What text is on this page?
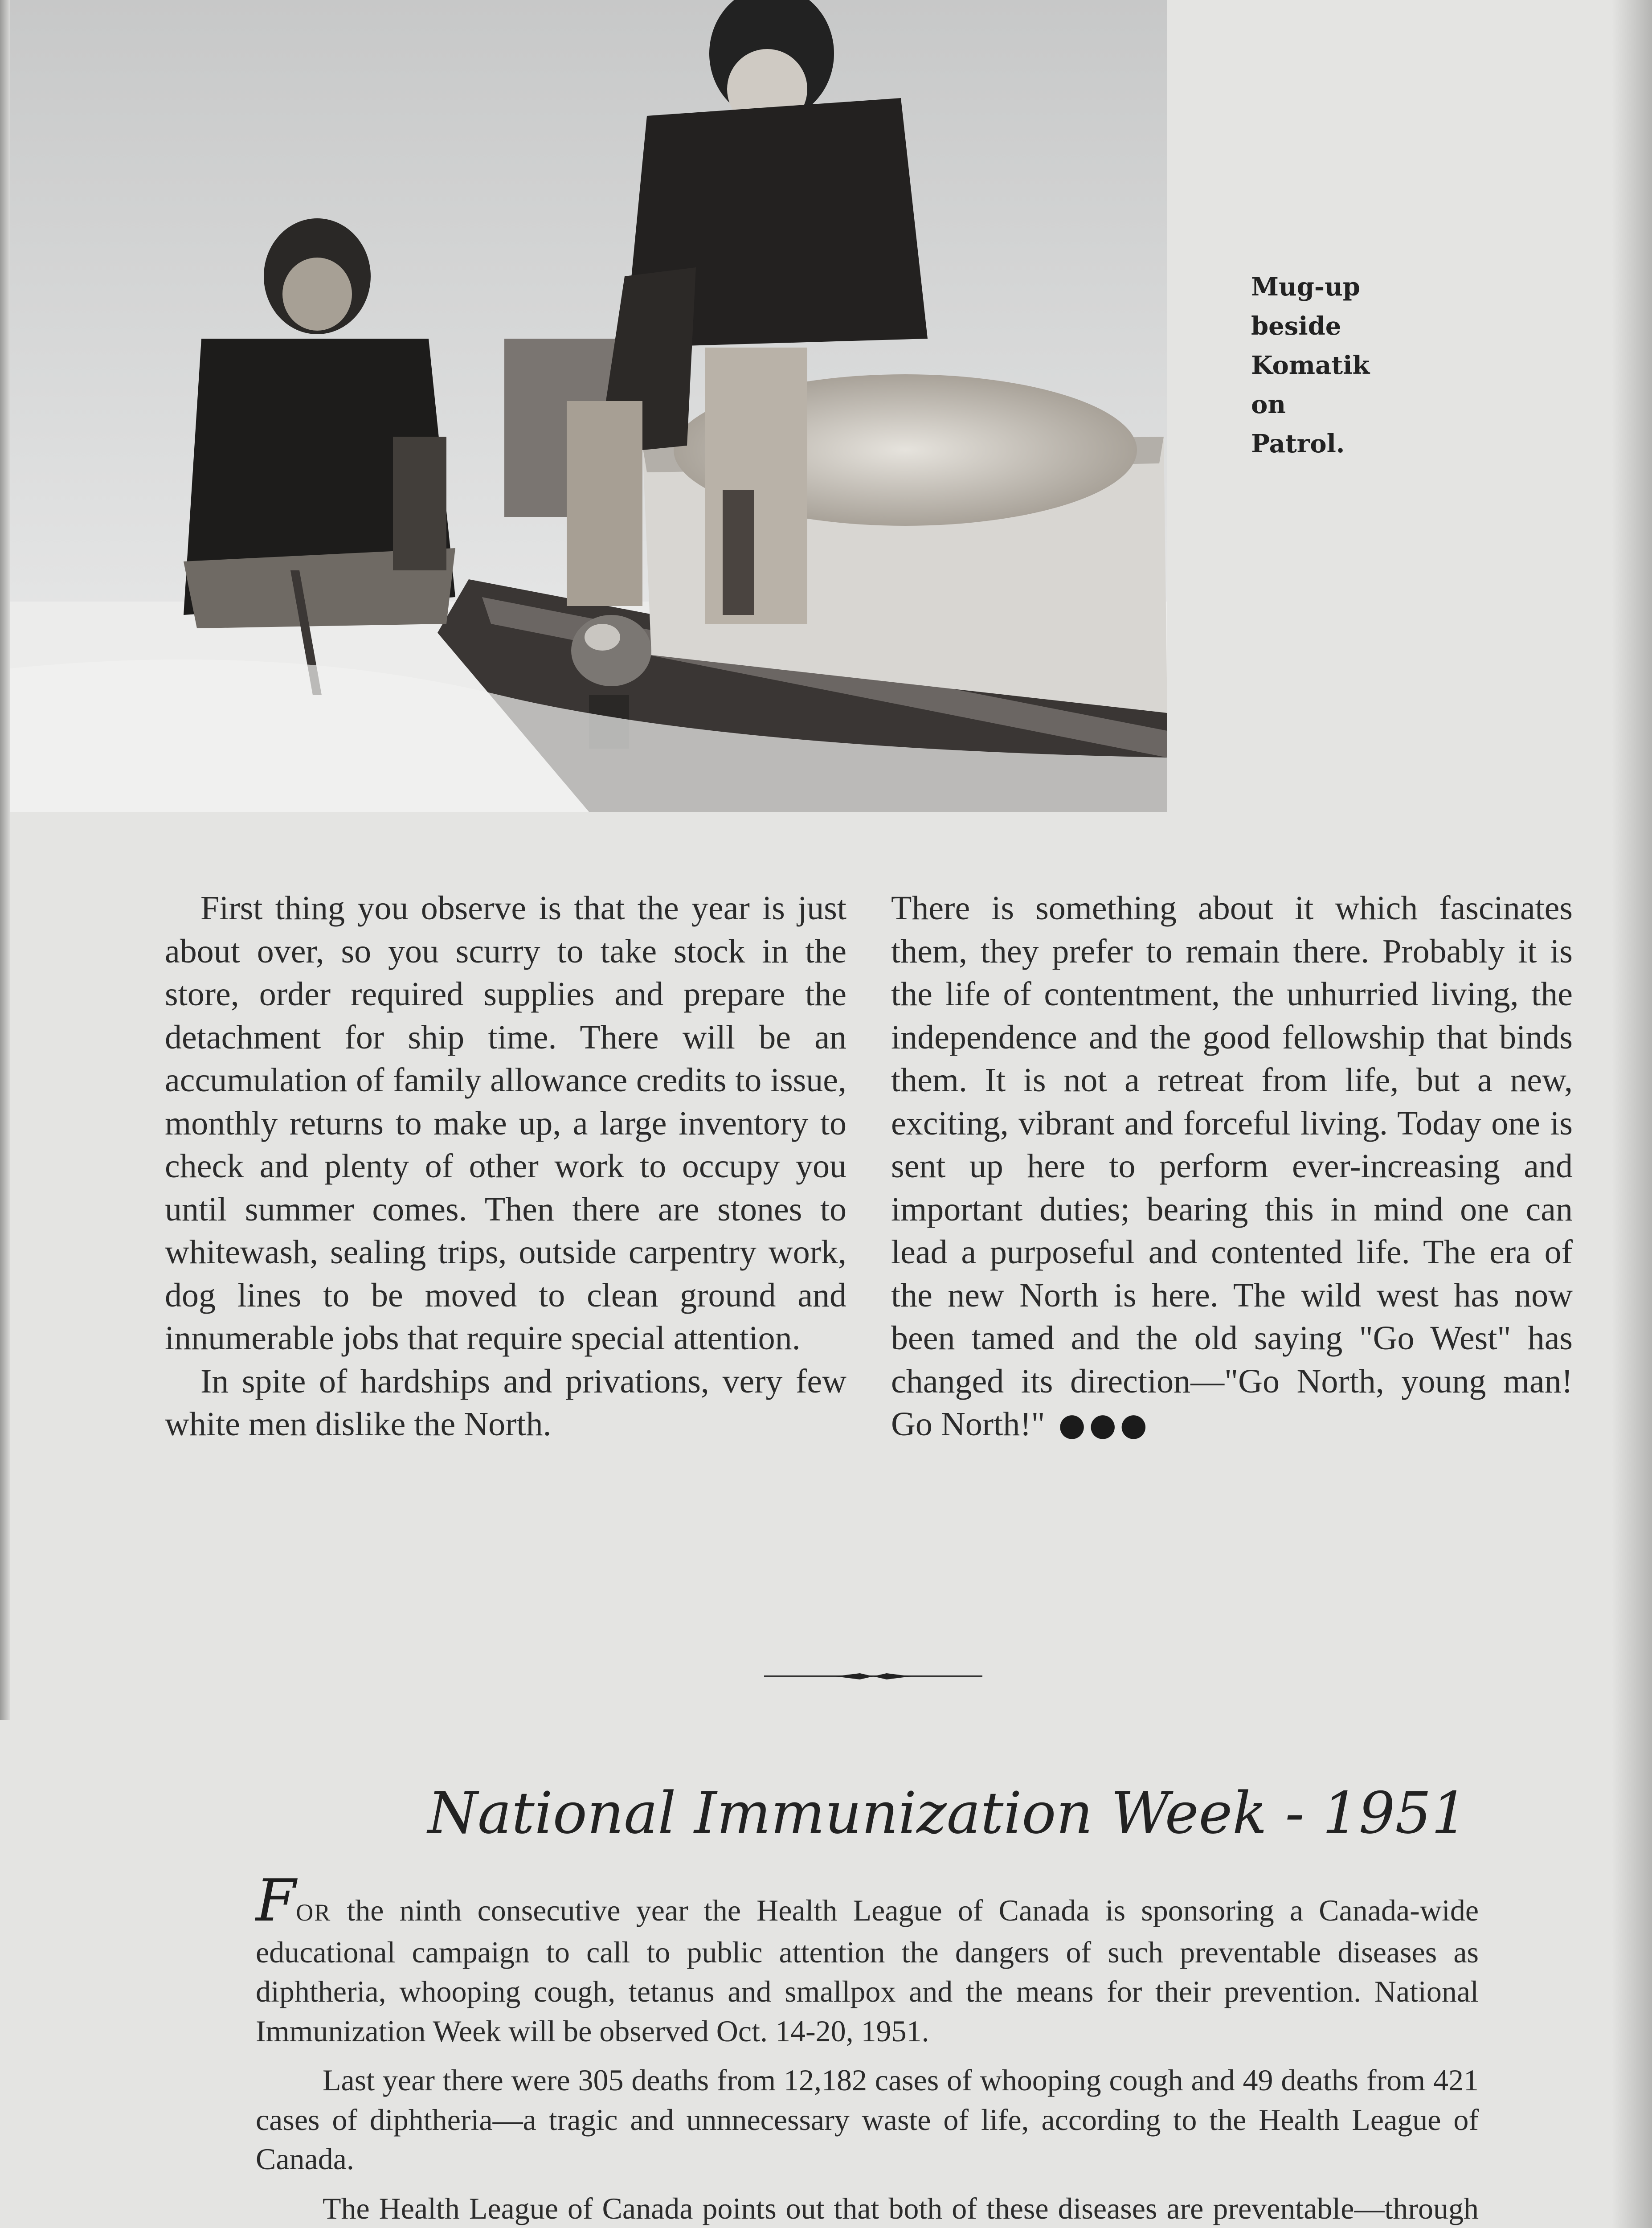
Mug-up
beside
Komatik
on
Patrol.

First thing you observe is that the year is just about over, so you scurry to take stock in the store, order required supplies and prepare the detachment for ship time. There will be an accumulation of family allowance credits to issue, monthly returns to make up, a large inventory to check and plenty of other work to occupy you until summer comes. Then there are stones to whitewash, sealing trips, outside carpentry work, dog lines to be moved to clean ground and innumerable jobs that require special attention.

In spite of hardships and privations, very few white men dislike the North.

There is something about it which fascinates them, they prefer to remain there. Probably it is the life of contentment, the unhurried living, the independence and the good fellowship that binds them. It is not a retreat from life, but a new, exciting, vibrant and forceful living. Today one is sent up here to perform ever-increasing and important duties; bearing this in mind one can lead a purposeful and contented life. The era of the new North is here. The wild west has now been tamed and the old saying "Go West" has changed its direction—"Go North, young man! Go North!" ●●●

National Immunization Week - 1951

FOR the ninth consecutive year the Health League of Canada is sponsoring a Canada-wide educational campaign to call to public attention the dangers of such preventable diseases as diphtheria, whooping cough, tetanus and smallpox and the means for their prevention. National Immunization Week will be observed Oct. 14-20, 1951.

Last year there were 305 deaths from 12,182 cases of whooping cough and 49 deaths from 421 cases of diphtheria—a tragic and unnnecessary waste of life, according to the Health League of Canada.

The Health League of Canada points out that both of these diseases are preventable—through
